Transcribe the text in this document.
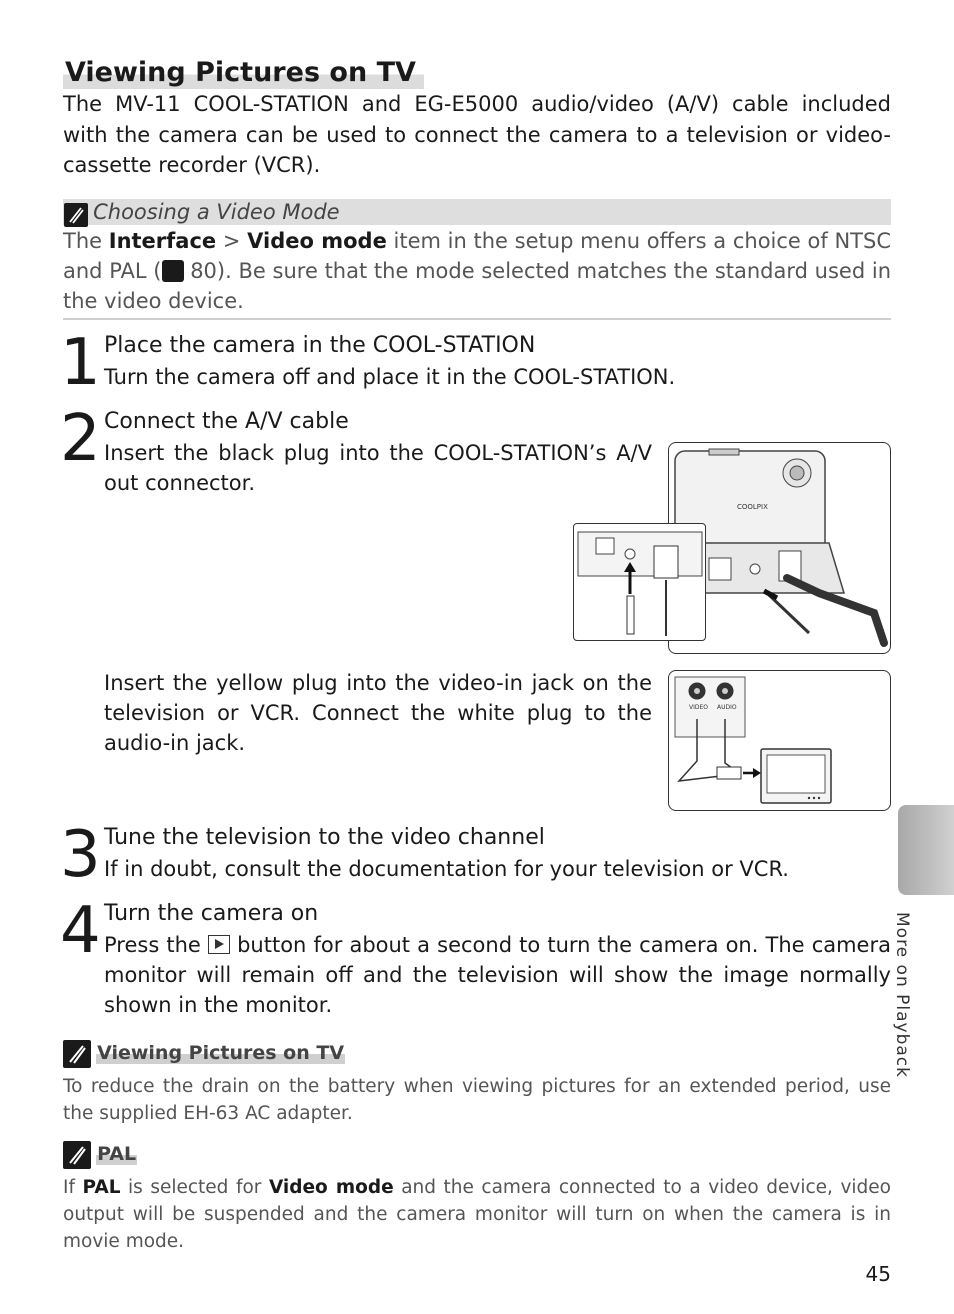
Viewing Pictures on TV
The MV-11 COOL-STATION and EG-E5000 audio/video (A/V) cable included with the camera can be used to connect the camera to a television or video-cassette recorder (VCR).
Choosing a Video Mode
The Interface > Video mode item in the setup menu offers a choice of NTSC and PAL ( 80). Be sure that the mode selected matches the standard used in the video device.
1 Place the camera in the COOL-STATION
Turn the camera off and place it in the COOL-STATION.
2 Connect the A/V cable
Insert the black plug into the COOL-STATION’s A/V out connector.
COOLPIX
Insert the yellow plug into the video-in jack on the television or VCR. Connect the white plug to the audio-in jack.
VIDEO AUDIO
3 Tune the television to the video channel
If in doubt, consult the documentation for your television or VCR.
4 Turn the camera on
Press the  button for about a second to turn the camera on. The camera monitor will remain off and the television will show the image normally shown in the monitor.
Viewing Pictures on TV
To reduce the drain on the battery when viewing pictures for an extended period, use the supplied EH-63 AC adapter.
PAL
If PAL is selected for Video mode and the camera connected to a video device, video output will be suspended and the camera monitor will turn on when the camera is in movie mode.
More on Playback
45
